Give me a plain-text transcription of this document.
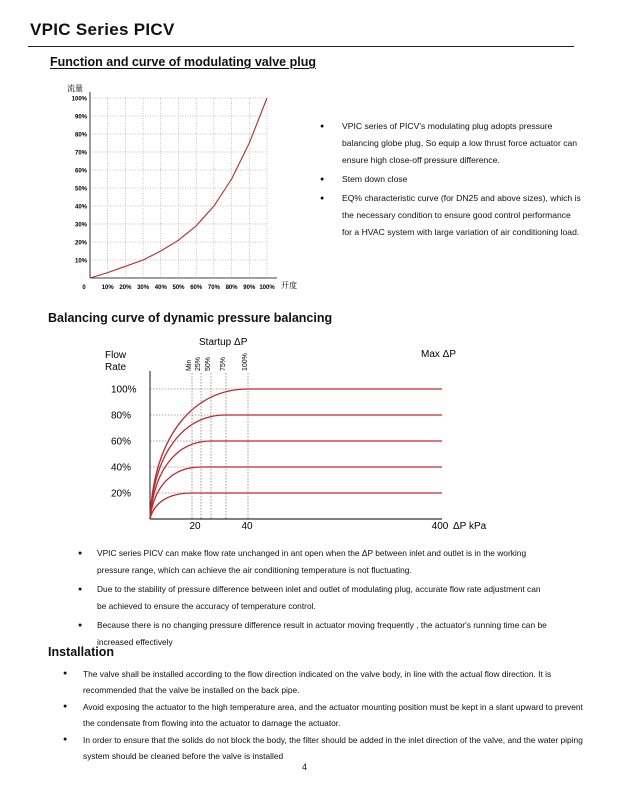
VPIC Series PICV
Function and curve of modulating valve plug
10%
20%
30%
40%
50%
60%
70%
80%
90%
100%
0	10% 20% 30% 40% 50% 60% 70% 80% 90% 100%
流量
开度
● VPIC series of PICV's modulating plug adopts pressure balancing globe plug, So equip a low thrust force actuator can ensure high close-off pressure difference.
● Stem down close
● EQ% characteristic curve (for DN25 and above sizes), which is the necessary condition to ensure good control performance for a HVAC system with large variation of air conditioning load.
Balancing curve of dynamic pressure balancing
Flow
Rate
Startup ΔP
Max ΔP
Min 25% 50% 75% 100%
20%
40%
60%
80%
100%
20	40	400 ΔP kPa
● VPIC series PICV can make flow rate unchanged in ant open when the ΔP between inlet and outlet is in the working pressure range, which can achieve the air conditioning temperature is not fluctuating.
● Due to the stability of pressure difference between inlet and outlet of modulating plug, accurate flow rate adjustment can be achieved to ensure the accuracy of temperature control.
● Because there is no changing pressure difference result in actuator moving frequently , the actuator's running time can be increased effectively
Installation
● The valve shall be installed according to the flow direction indicated on the valve body, in line with the actual flow direction. It is recommended that the valve be installed on the back pipe.
● Avoid exposing the actuator to the high temperature area, and the actuator mounting position must be kept in a slant upward to prevent the condensate from flowing into the actuator to damage the actuator.
● In order to ensure that the solids do not block the body, the filter should be added in the inlet direction of the valve, and the water piping system should be cleaned before the valve is installed
4
